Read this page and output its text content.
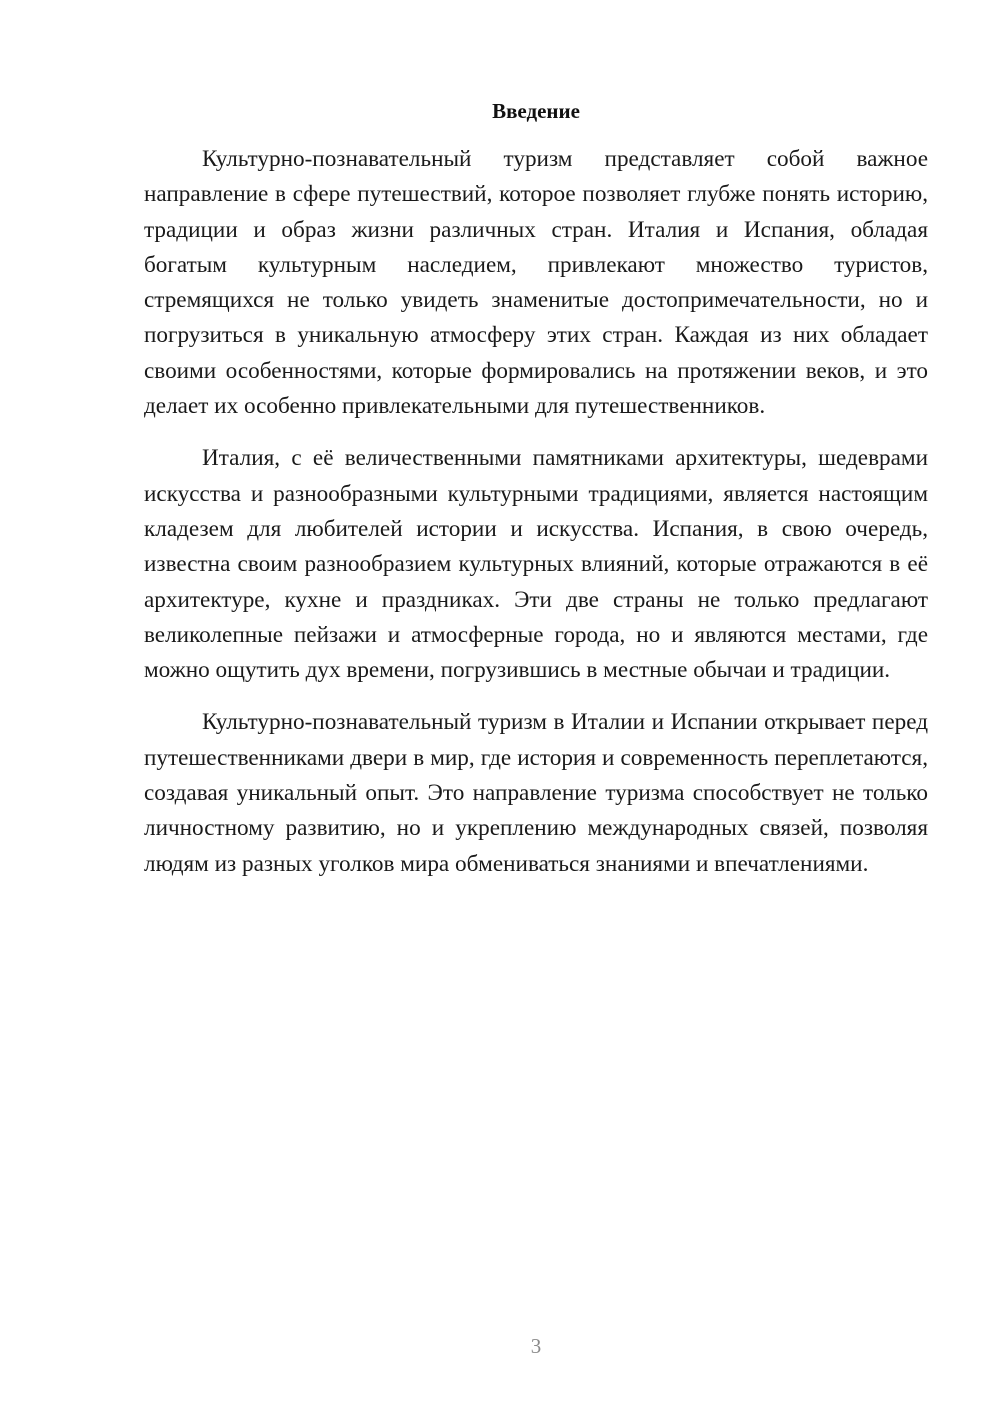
Введение

Культурно-познавательный туризм представляет собой важное направление в сфере путешествий, которое позволяет глубже понять историю, традиции и образ жизни различных стран. Италия и Испания, обладая богатым культурным наследием, привлекают множество туристов, стремящихся не только увидеть знаменитые достопримечательности, но и погрузиться в уникальную атмосферу этих стран. Каждая из них обладает своими особенностями, которые формировались на протяжении веков, и это делает их особенно привлекательными для путешественников.

Италия, с её величественными памятниками архитектуры, шедеврами искусства и разнообразными культурными традициями, является настоящим кладезем для любителей истории и искусства. Испания, в свою очередь, известна своим разнообразием культурных влияний, которые отражаются в её архитектуре, кухне и праздниках. Эти две страны не только предлагают великолепные пейзажи и атмосферные города, но и являются местами, где можно ощутить дух времени, погрузившись в местные обычаи и традиции.

Культурно-познавательный туризм в Италии и Испании открывает перед путешественниками двери в мир, где история и современность переплетаются, создавая уникальный опыт. Это направление туризма способствует не только личностному развитию, но и укреплению международных связей, позволяя людям из разных уголков мира обмениваться знаниями и впечатлениями.

3
